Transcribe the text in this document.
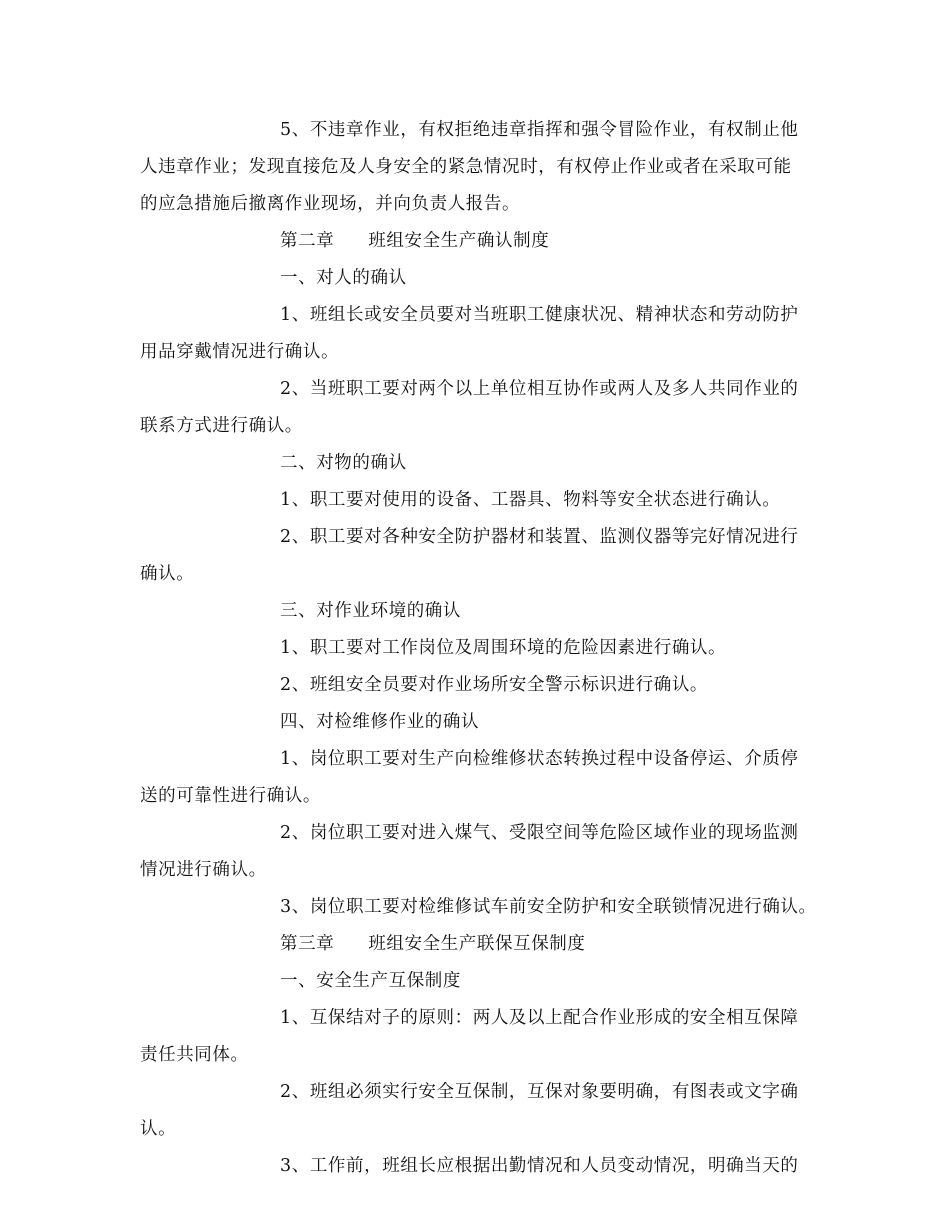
5、不违章作业，有权拒绝违章指挥和强令冒险作业，有权制止他
人违章作业；发现直接危及人身安全的紧急情况时，有权停止作业或者在采取可能
的应急措施后撤离作业现场，并向负责人报告。
第二章 班组安全生产确认制度
一、对人的确认
1、班组长或安全员要对当班职工健康状况、精神状态和劳动防护
用品穿戴情况进行确认。
2、当班职工要对两个以上单位相互协作或两人及多人共同作业的
联系方式进行确认。
二、对物的确认
1、职工要对使用的设备、工器具、物料等安全状态进行确认。
2、职工要对各种安全防护器材和装置、监测仪器等完好情况进行
确认。
三、对作业环境的确认
1、职工要对工作岗位及周围环境的危险因素进行确认。
2、班组安全员要对作业场所安全警示标识进行确认。
四、对检维修作业的确认
1、岗位职工要对生产向检维修状态转换过程中设备停运、介质停
送的可靠性进行确认。
2、岗位职工要对进入煤气、受限空间等危险区域作业的现场监测
情况进行确认。
3、岗位职工要对检维修试车前安全防护和安全联锁情况进行确认。
第三章 班组安全生产联保互保制度
一、安全生产互保制度
1、互保结对子的原则：两人及以上配合作业形成的安全相互保障
责任共同体。
2、班组必须实行安全互保制，互保对象要明确，有图表或文字确
认。
3、工作前，班组长应根据出勤情况和人员变动情况，明确当天的
